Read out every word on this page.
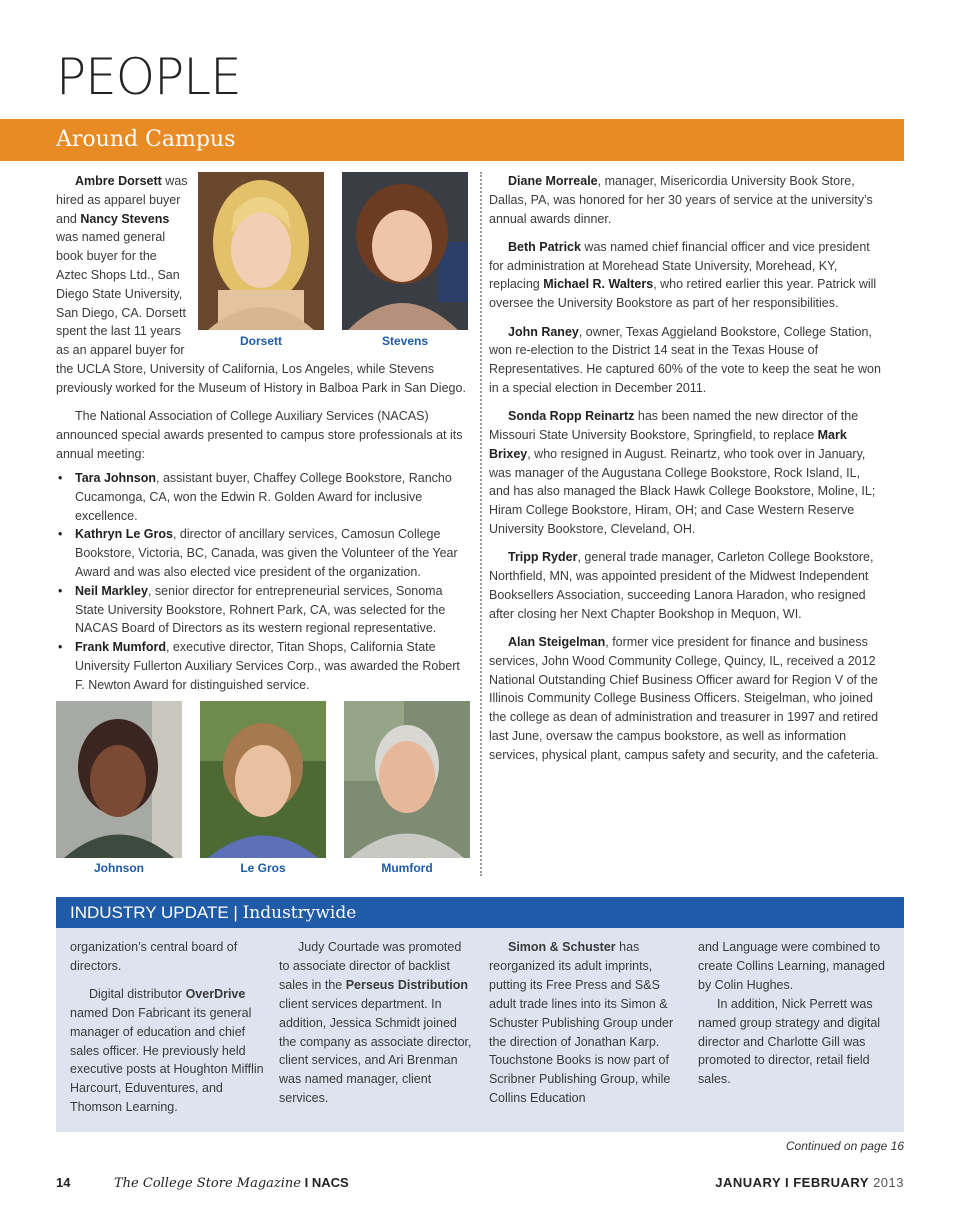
PEOPLE
Around Campus
Dorsett	Stevens

Ambre Dorsett was hired as apparel buyer and Nancy Stevens was named general book buyer for the Aztec Shops Ltd., San Diego State University, San Diego, CA. Dorsett spent the last 11 years as an apparel buyer for the UCLA Store, University of California, Los Angeles, while Stevens previously worked for the Museum of History in Balboa Park in San Diego.

The National Association of College Auxiliary Services (NACAS) announced special awards presented to campus store professionals at its annual meeting:

• Tara Johnson, assistant buyer, Chaffey College Bookstore, Rancho Cucamonga, CA, won the Edwin R. Golden Award for inclusive excellence.
• Kathryn Le Gros, director of ancillary services, Camosun College Bookstore, Victoria, BC, Canada, was given the Volunteer of the Year Award and was also elected vice president of the organization.
• Neil Markley, senior director for entrepreneurial services, Sonoma State University Bookstore, Rohnert Park, CA, was selected for the NACAS Board of Directors as its western regional representative.
• Frank Mumford, executive director, Titan Shops, California State University Fullerton Auxiliary Services Corp., was awarded the Robert F. Newton Award for distinguished service.
Johnson	Le Gros	Mumford

Diane Morreale, manager, Misericordia University Book Store, Dallas, PA, was honored for her 30 years of service at the university’s annual awards dinner.

Beth Patrick was named chief financial officer and vice president for administration at Morehead State University, Morehead, KY, replacing Michael R. Walters, who retired earlier this year. Patrick will oversee the University Bookstore as part of her responsibilities.

John Raney, owner, Texas Aggieland Bookstore, College Station, won re-election to the District 14 seat in the Texas House of Representatives. He captured 60% of the vote to keep the seat he won in a special election in December 2011.

Sonda Ropp Reinartz has been named the new director of the Missouri State University Bookstore, Springfield, to replace Mark Brixey, who resigned in August. Reinartz, who took over in January, was manager of the Augustana College Bookstore, Rock Island, IL, and has also managed the Black Hawk College Bookstore, Moline, IL; Hiram College Bookstore, Hiram, OH; and Case Western Reserve University Bookstore, Cleveland, OH.

Tripp Ryder, general trade manager, Carleton College Bookstore, Northfield, MN, was appointed president of the Midwest Independent Booksellers Association, succeeding Lanora Haradon, who resigned after closing her Next Chapter Bookshop in Mequon, WI.

Alan Steigelman, former vice president for finance and business services, John Wood Community College, Quincy, IL, received a 2012 National Outstanding Chief Business Officer award for Region V of the Illinois Community College Business Officers. Steigelman, who joined the college as dean of administration and treasurer in 1997 and retired last June, oversaw the campus bookstore, as well as information services, physical plant, campus safety and security, and the cafeteria.

INDUSTRY UPDATE | Industrywide

organization’s central board of directors.

Digital distributor OverDrive named Don Fabricant its general manager of education and chief sales officer. He previously held executive posts at Houghton Mifflin Harcourt, Eduventures, and Thomson Learning.

Judy Courtade was promoted to associate director of backlist sales in the Perseus Distribution client services department. In addition, Jessica Schmidt joined the company as associate director, client services, and Ari Brenman was named manager, client services.

Simon & Schuster has reorganized its adult imprints, putting its Free Press and S&S adult trade lines into its Simon & Schuster Publishing Group under the direction of Jonathan Karp. Touchstone Books is now part of Scribner Publishing Group, while Collins Education

and Language were combined to create Collins Learning, managed by Colin Hughes.

In addition, Nick Perrett was named group strategy and digital director and Charlotte Gill was promoted to director, retail field sales.

Continued on page 16
14	The College Store Magazine I NACS	JANUARY I FEBRUARY 2013
